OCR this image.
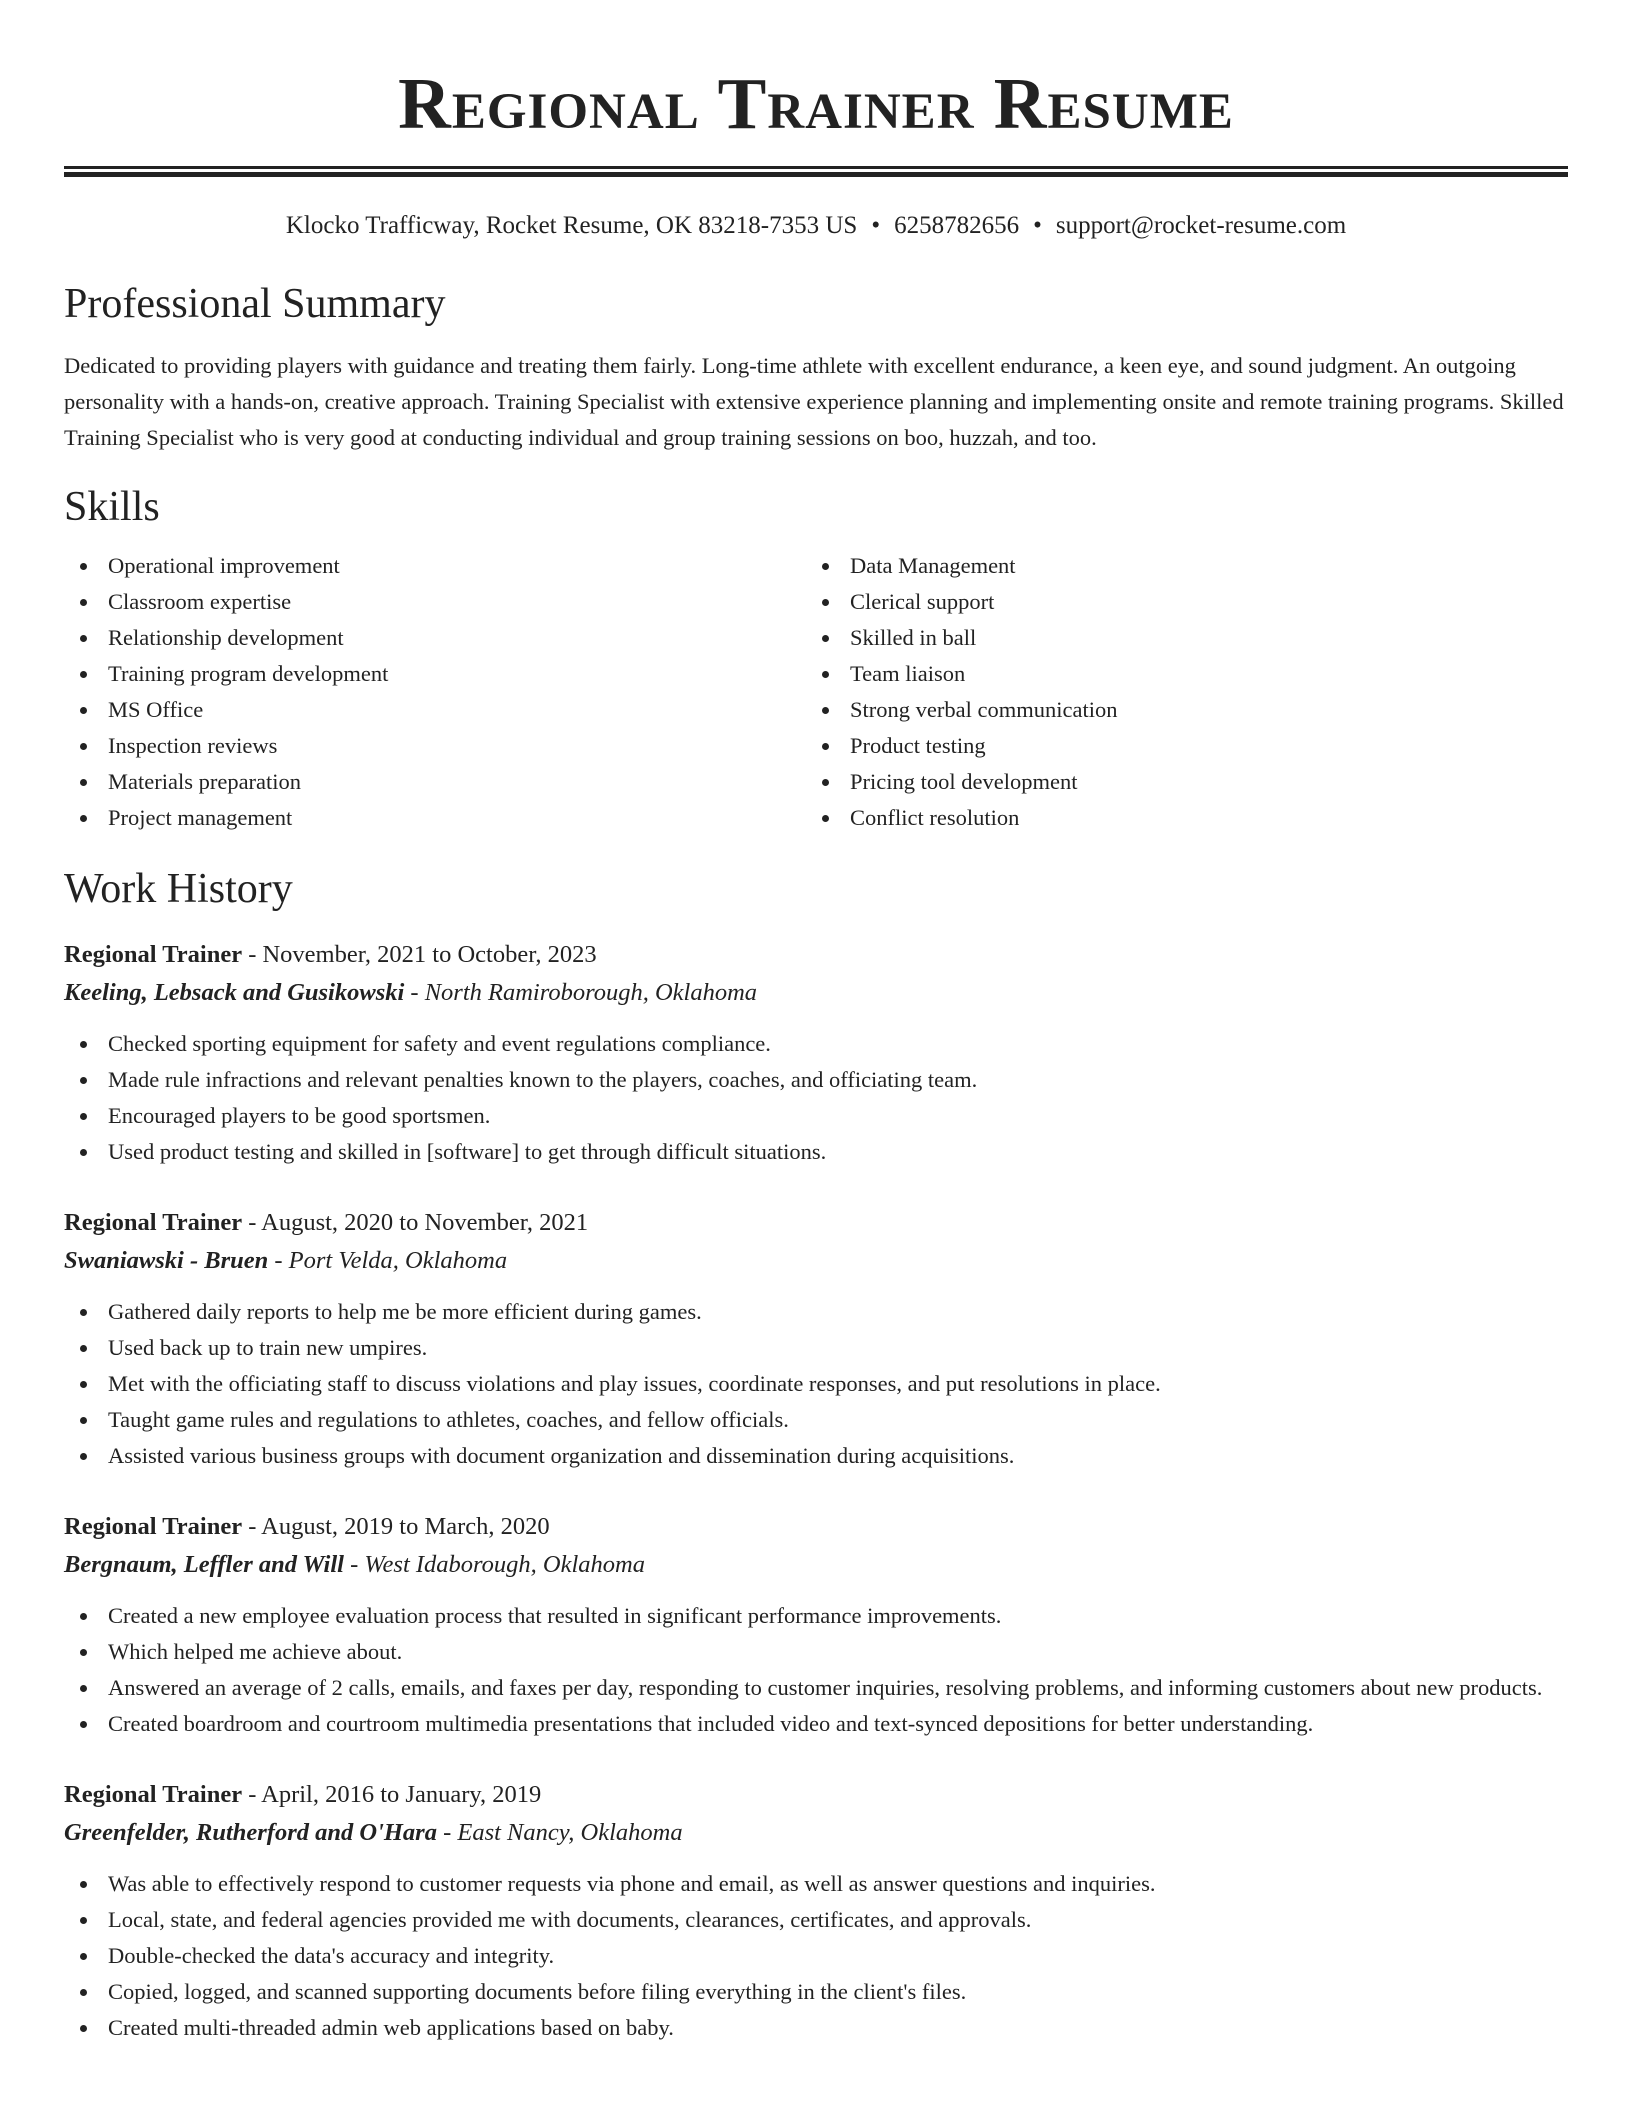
Regional Trainer Resume
Klocko Trafficway, Rocket Resume, OK 83218-7353 US • 6258782656 • support@rocket-resume.com
Professional Summary

Dedicated to providing players with guidance and treating them fairly. Long-time athlete with excellent endurance, a keen eye, and sound judgment. An outgoing personality with a hands-on, creative approach. Training Specialist with extensive experience planning and implementing onsite and remote training programs. Skilled Training Specialist who is very good at conducting individual and group training sessions on boo, huzzah, and too.

Skills
Operational improvement
Classroom expertise
Relationship development
Training program development
MS Office
Inspection reviews
Materials preparation
Project management
Data Management
Clerical support
Skilled in ball
Team liaison
Strong verbal communication
Product testing
Pricing tool development
Conflict resolution
Work History
Regional Trainer - November, 2021 to October, 2023
Keeling, Lebsack and Gusikowski - North Ramiroborough, Oklahoma
Checked sporting equipment for safety and event regulations compliance.
Made rule infractions and relevant penalties known to the players, coaches, and officiating team.
Encouraged players to be good sportsmen.
Used product testing and skilled in [software] to get through difficult situations.
Regional Trainer - August, 2020 to November, 2021
Swaniawski - Bruen - Port Velda, Oklahoma
Gathered daily reports to help me be more efficient during games.
Used back up to train new umpires.
Met with the officiating staff to discuss violations and play issues, coordinate responses, and put resolutions in place.
Taught game rules and regulations to athletes, coaches, and fellow officials.
Assisted various business groups with document organization and dissemination during acquisitions.
Regional Trainer - August, 2019 to March, 2020
Bergnaum, Leffler and Will - West Idaborough, Oklahoma
Created a new employee evaluation process that resulted in significant performance improvements.
Which helped me achieve about.
Answered an average of 2 calls, emails, and faxes per day, responding to customer inquiries, resolving problems, and informing customers about new products.
Created boardroom and courtroom multimedia presentations that included video and text-synced depositions for better understanding.
Regional Trainer - April, 2016 to January, 2019
Greenfelder, Rutherford and O'Hara - East Nancy, Oklahoma
Was able to effectively respond to customer requests via phone and email, as well as answer questions and inquiries.
Local, state, and federal agencies provided me with documents, clearances, certificates, and approvals.
Double-checked the data's accuracy and integrity.
Copied, logged, and scanned supporting documents before filing everything in the client's files.
Created multi-threaded admin web applications based on baby.
